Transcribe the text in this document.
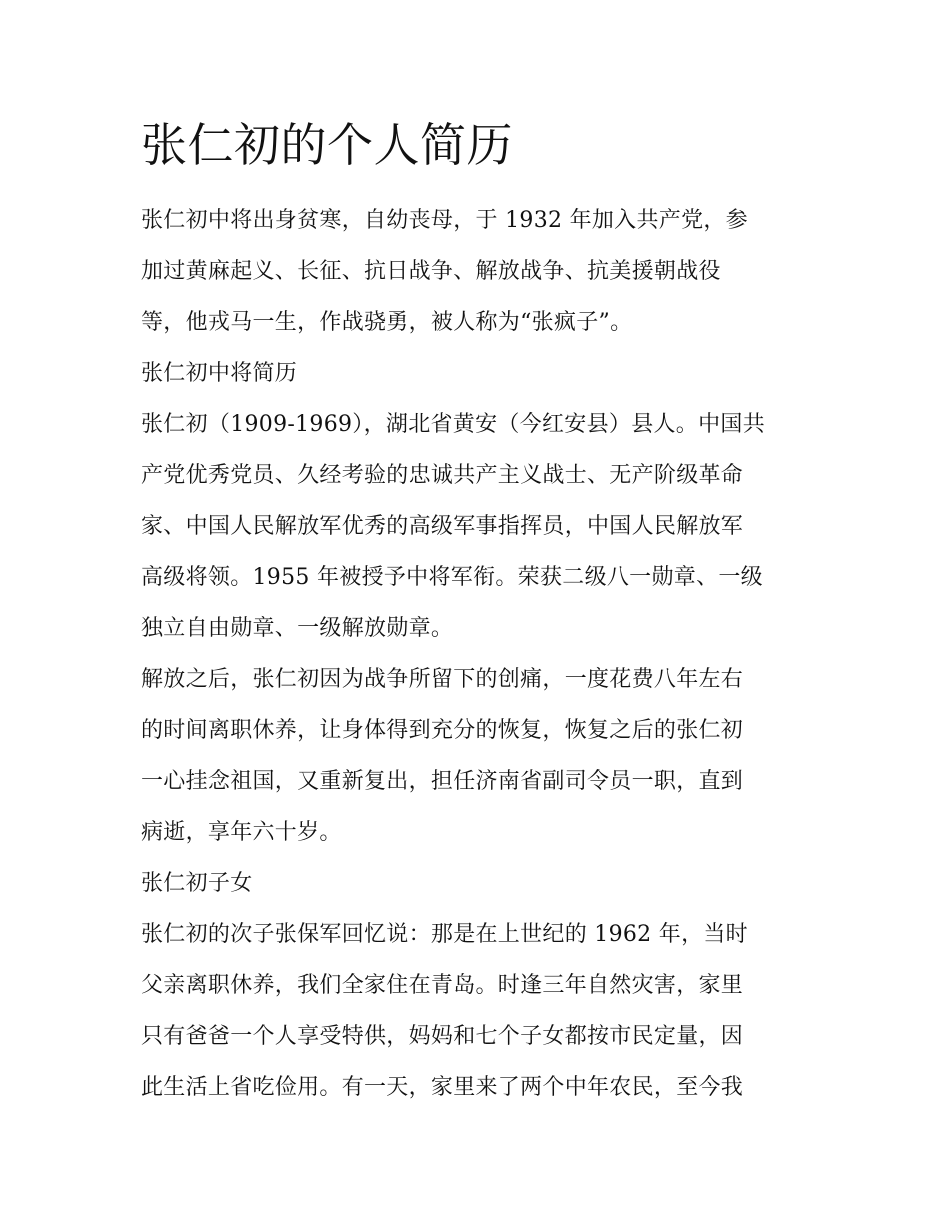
张仁初的个人简历

张仁初中将出身贫寒，自幼丧母，于 1932 年加入共产党，参

加过黄麻起义、长征、抗日战争、解放战争、抗美援朝战役

等，他戎马一生，作战骁勇，被人称为“张疯子”。

张仁初中将简历

张仁初（1909-1969），湖北省黄安（今红安县）县人。中国共

产党优秀党员、久经考验的忠诚共产主义战士、无产阶级革命

家、中国人民解放军优秀的高级军事指挥员，中国人民解放军

高级将领。1955 年被授予中将军衔。荣获二级八一勋章、一级

独立自由勋章、一级解放勋章。

解放之后，张仁初因为战争所留下的创痛，一度花费八年左右

的时间离职休养，让身体得到充分的恢复，恢复之后的张仁初

一心挂念祖国，又重新复出，担任济南省副司令员一职，直到

病逝，享年六十岁。

张仁初子女

张仁初的次子张保军回忆说：那是在上世纪的 1962 年，当时

父亲离职休养，我们全家住在青岛。时逢三年自然灾害，家里

只有爸爸一个人享受特供，妈妈和七个子女都按市民定量，因

此生活上省吃俭用。有一天，家里来了两个中年农民，至今我
